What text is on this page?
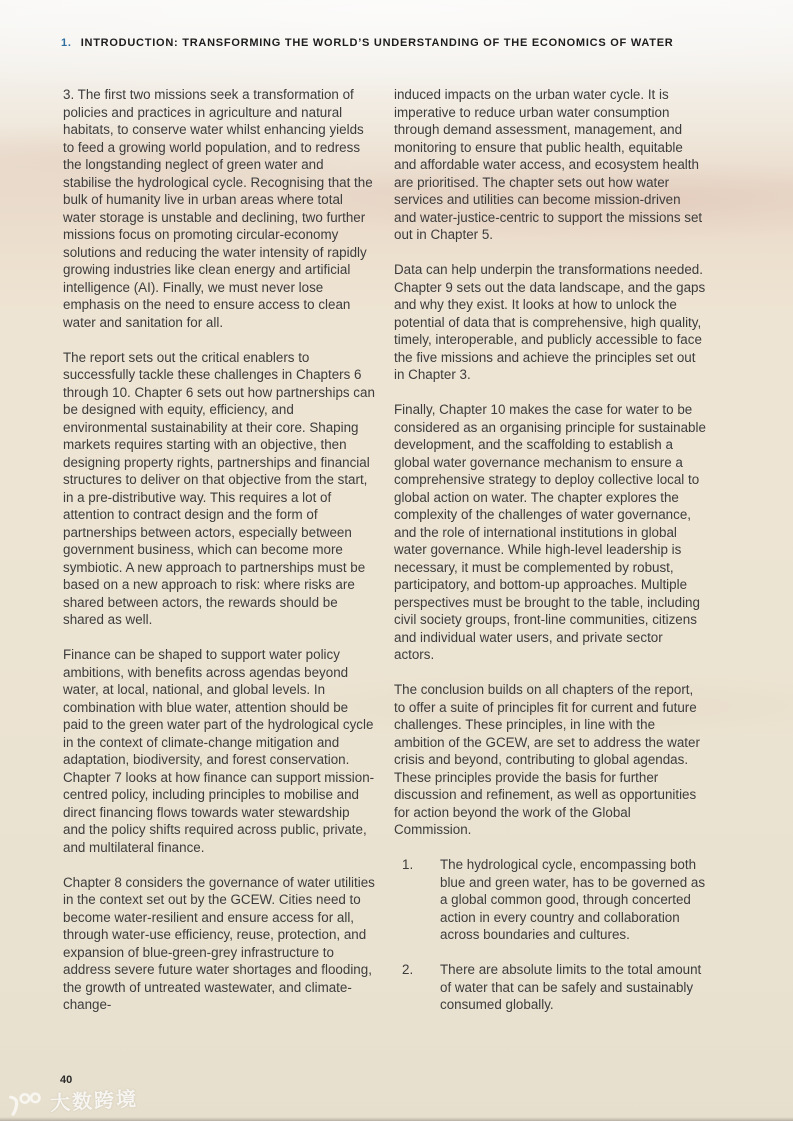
1. INTRODUCTION: TRANSFORMING THE WORLD’S UNDERSTANDING OF THE ECONOMICS OF WATER

3. The first two missions seek a transformation of policies and practices in agriculture and natural habitats, to conserve water whilst enhancing yields to feed a growing world population, and to redress the longstanding neglect of green water and stabilise the hydrological cycle. Recognising that the bulk of humanity live in urban areas where total water storage is unstable and declining, two further missions focus on promoting circular-economy solutions and reducing the water intensity of rapidly growing industries like clean energy and artificial intelligence (AI). Finally, we must never lose emphasis on the need to ensure access to clean water and sanitation for all.

The report sets out the critical enablers to successfully tackle these challenges in Chapters 6 through 10. Chapter 6 sets out how partnerships can be designed with equity, efficiency, and environmental sustainability at their core. Shaping markets requires starting with an objective, then designing property rights, partnerships and financial structures to deliver on that objective from the start, in a pre-distributive way. This requires a lot of attention to contract design and the form of partnerships between actors, especially between government business, which can become more symbiotic. A new approach to partnerships must be based on a new approach to risk: where risks are shared between actors, the rewards should be shared as well.

Finance can be shaped to support water policy ambitions, with benefits across agendas beyond water, at local, national, and global levels. In combination with blue water, attention should be paid to the green water part of the hydrological cycle in the context of climate-change mitigation and adaptation, biodiversity, and forest conservation. Chapter 7 looks at how finance can support mission-centred policy, including principles to mobilise and direct financing flows towards water stewardship and the policy shifts required across public, private, and multilateral finance.

Chapter 8 considers the governance of water utilities in the context set out by the GCEW. Cities need to become water-resilient and ensure access for all, through water-use efficiency, reuse, protection, and expansion of blue-green-grey infrastructure to address severe future water shortages and flooding, the growth of untreated wastewater, and climate-change-

induced impacts on the urban water cycle. It is imperative to reduce urban water consumption through demand assessment, management, and monitoring to ensure that public health, equitable and affordable water access, and ecosystem health are prioritised. The chapter sets out how water services and utilities can become mission-driven and water-justice-centric to support the missions set out in Chapter 5.

Data can help underpin the transformations needed. Chapter 9 sets out the data landscape, and the gaps and why they exist. It looks at how to unlock the potential of data that is comprehensive, high quality, timely, interoperable, and publicly accessible to face the five missions and achieve the principles set out in Chapter 3.

Finally, Chapter 10 makes the case for water to be considered as an organising principle for sustainable development, and the scaffolding to establish a global water governance mechanism to ensure a comprehensive strategy to deploy collective local to global action on water. The chapter explores the complexity of the challenges of water governance, and the role of international institutions in global water governance. While high-level leadership is necessary, it must be complemented by robust, participatory, and bottom-up approaches. Multiple perspectives must be brought to the table, including civil society groups, front-line communities, citizens and individual water users, and private sector actors.

The conclusion builds on all chapters of the report, to offer a suite of principles fit for current and future challenges. These principles, in line with the ambition of the GCEW, are set to address the water crisis and beyond, contributing to global agendas. These principles provide the basis for further discussion and refinement, as well as opportunities for action beyond the work of the Global Commission.

1.	The hydrological cycle, encompassing both blue and green water, has to be governed as a global common good, through concerted action in every country and collaboration across boundaries and cultures.
2.	There are absolute limits to the total amount of water that can be safely and sustainably consumed globally.
40
大数跨境
